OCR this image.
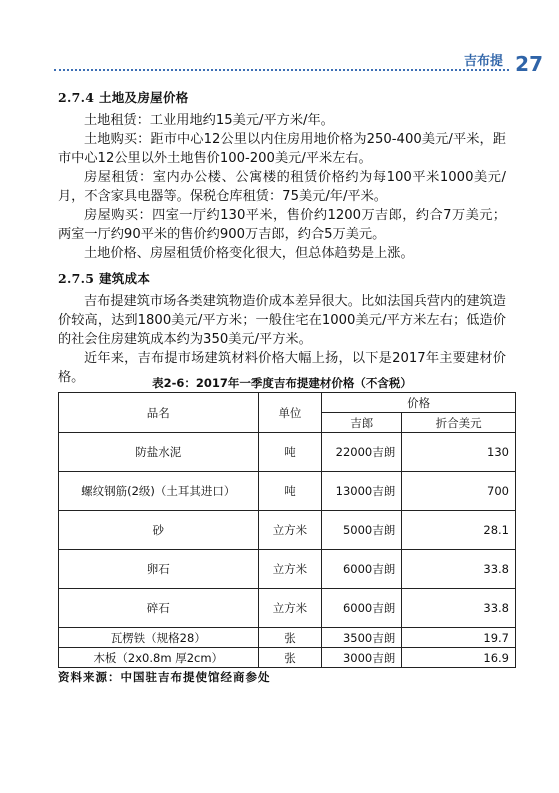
吉布提 27
2.7.4 土地及房屋价格

土地租赁：工业用地约15美元/平方米/年。

土地购买：距市中心12公里以内住房用地价格为250-400美元/平米，距市中心12公里以外土地售价100-200美元/平米左右。

房屋租赁：室内办公楼、公寓楼的租赁价格约为每100平米1000美元/月，不含家具电器等。保税仓库租赁：75美元/年/平米。

房屋购买：四室一厅约130平米，售价约1200万吉郎，约合7万美元；两室一厅约90平米的售价约900万吉郎，约合5万美元。

土地价格、房屋租赁价格变化很大，但总体趋势是上涨。

2.7.5 建筑成本

吉布提建筑市场各类建筑物造价成本差异很大。比如法国兵营内的建筑造价较高，达到1800美元/平方米；一般住宅在1000美元/平方米左右；低造价的社会住房建筑成本约为350美元/平方米。

近年来，吉布提市场建筑材料价格大幅上扬，以下是2017年主要建材价格。	表2-6：2017年一季度吉布提建材价格（不含税）
品名	单位	价格	
		吉郎	折合美元
防盐水泥	吨	22000吉朗	130
螺纹钢筋(2级)（土耳其进口）	吨	13000吉朗	700
砂	立方米	5000吉朗	28.1
卵石	立方米	6000吉朗	33.8
碎石	立方米	6000吉朗	33.8
瓦楞铁（规格28）	张	3500吉朗	19.7
木板（2x0.8m 厚2cm）	张	3000吉朗	16.9
资料来源：中国驻吉布提使馆经商参处
